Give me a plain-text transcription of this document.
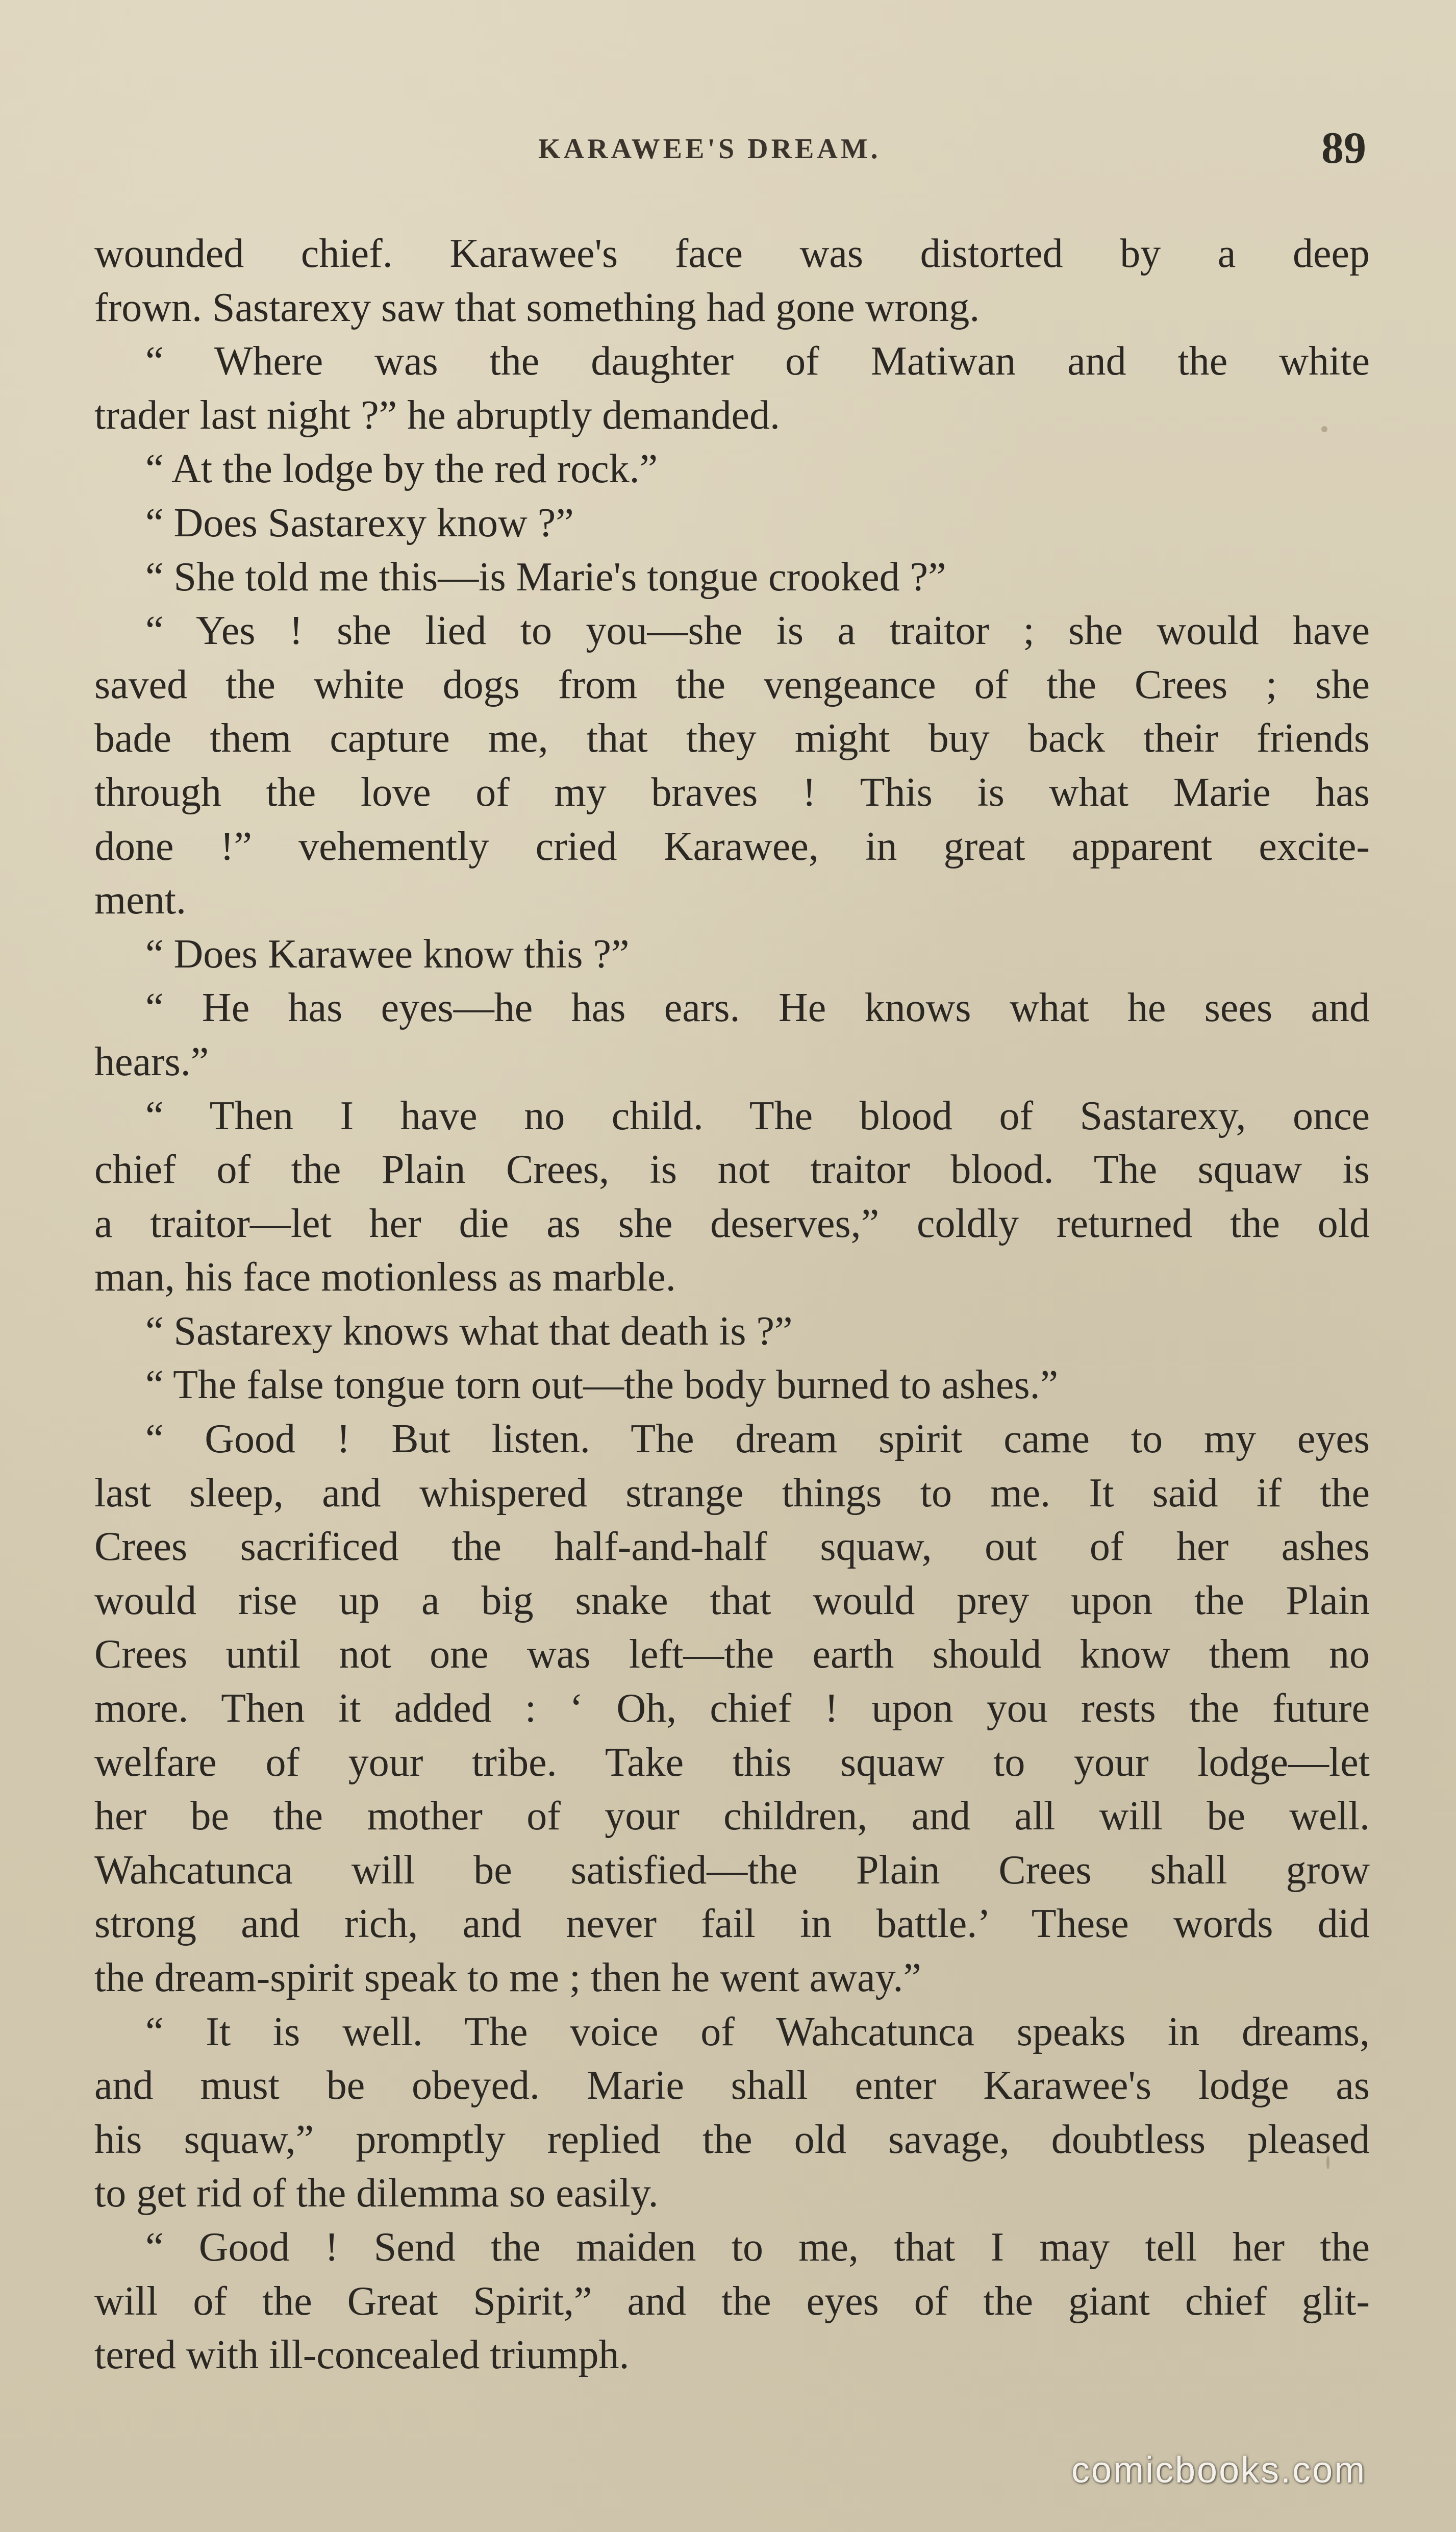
KARAWEE'S DREAM.	89
wounded chief. Karawee's face was distorted by a deep
frown. Sastarexy saw that something had gone wrong.
“ Where was the daughter of Matiwan and the white
trader last night ?” he abruptly demanded.
“ At the lodge by the red rock.”
“ Does Sastarexy know ?”
“ She told me this—is Marie's tongue crooked ?”
“ Yes ! she lied to you—she is a traitor ; she would have
saved the white dogs from the vengeance of the Crees ; she
bade them capture me, that they might buy back their friends
through the love of my braves ! This is what Marie has
done !” vehemently cried Karawee, in great apparent excite-
ment.
“ Does Karawee know this ?”
“ He has eyes—he has ears. He knows what he sees and
hears.”
“ Then I have no child. The blood of Sastarexy, once
chief of the Plain Crees, is not traitor blood. The squaw is
a traitor—let her die as she deserves,” coldly returned the old
man, his face motionless as marble.
“ Sastarexy knows what that death is ?”
“ The false tongue torn out—the body burned to ashes.”
“ Good ! But listen. The dream spirit came to my eyes
last sleep, and whispered strange things to me. It said if the
Crees sacrificed the half-and-half squaw, out of her ashes
would rise up a big snake that would prey upon the Plain
Crees until not one was left—the earth should know them no
more. Then it added : ‘ Oh, chief ! upon you rests the future
welfare of your tribe. Take this squaw to your lodge—let
her be the mother of your children, and all will be well.
Wahcatunca will be satisfied—the Plain Crees shall grow
strong and rich, and never fail in battle.’ These words did
the dream-spirit speak to me ; then he went away.”
“ It is well. The voice of Wahcatunca speaks in dreams,
and must be obeyed. Marie shall enter Karawee's lodge as
his squaw,” promptly replied the old savage, doubtless pleased
to get rid of the dilemma so easily.
“ Good ! Send the maiden to me, that I may tell her the
will of the Great Spirit,” and the eyes of the giant chief glit-
tered with ill-concealed triumph.
comicbooks.com
